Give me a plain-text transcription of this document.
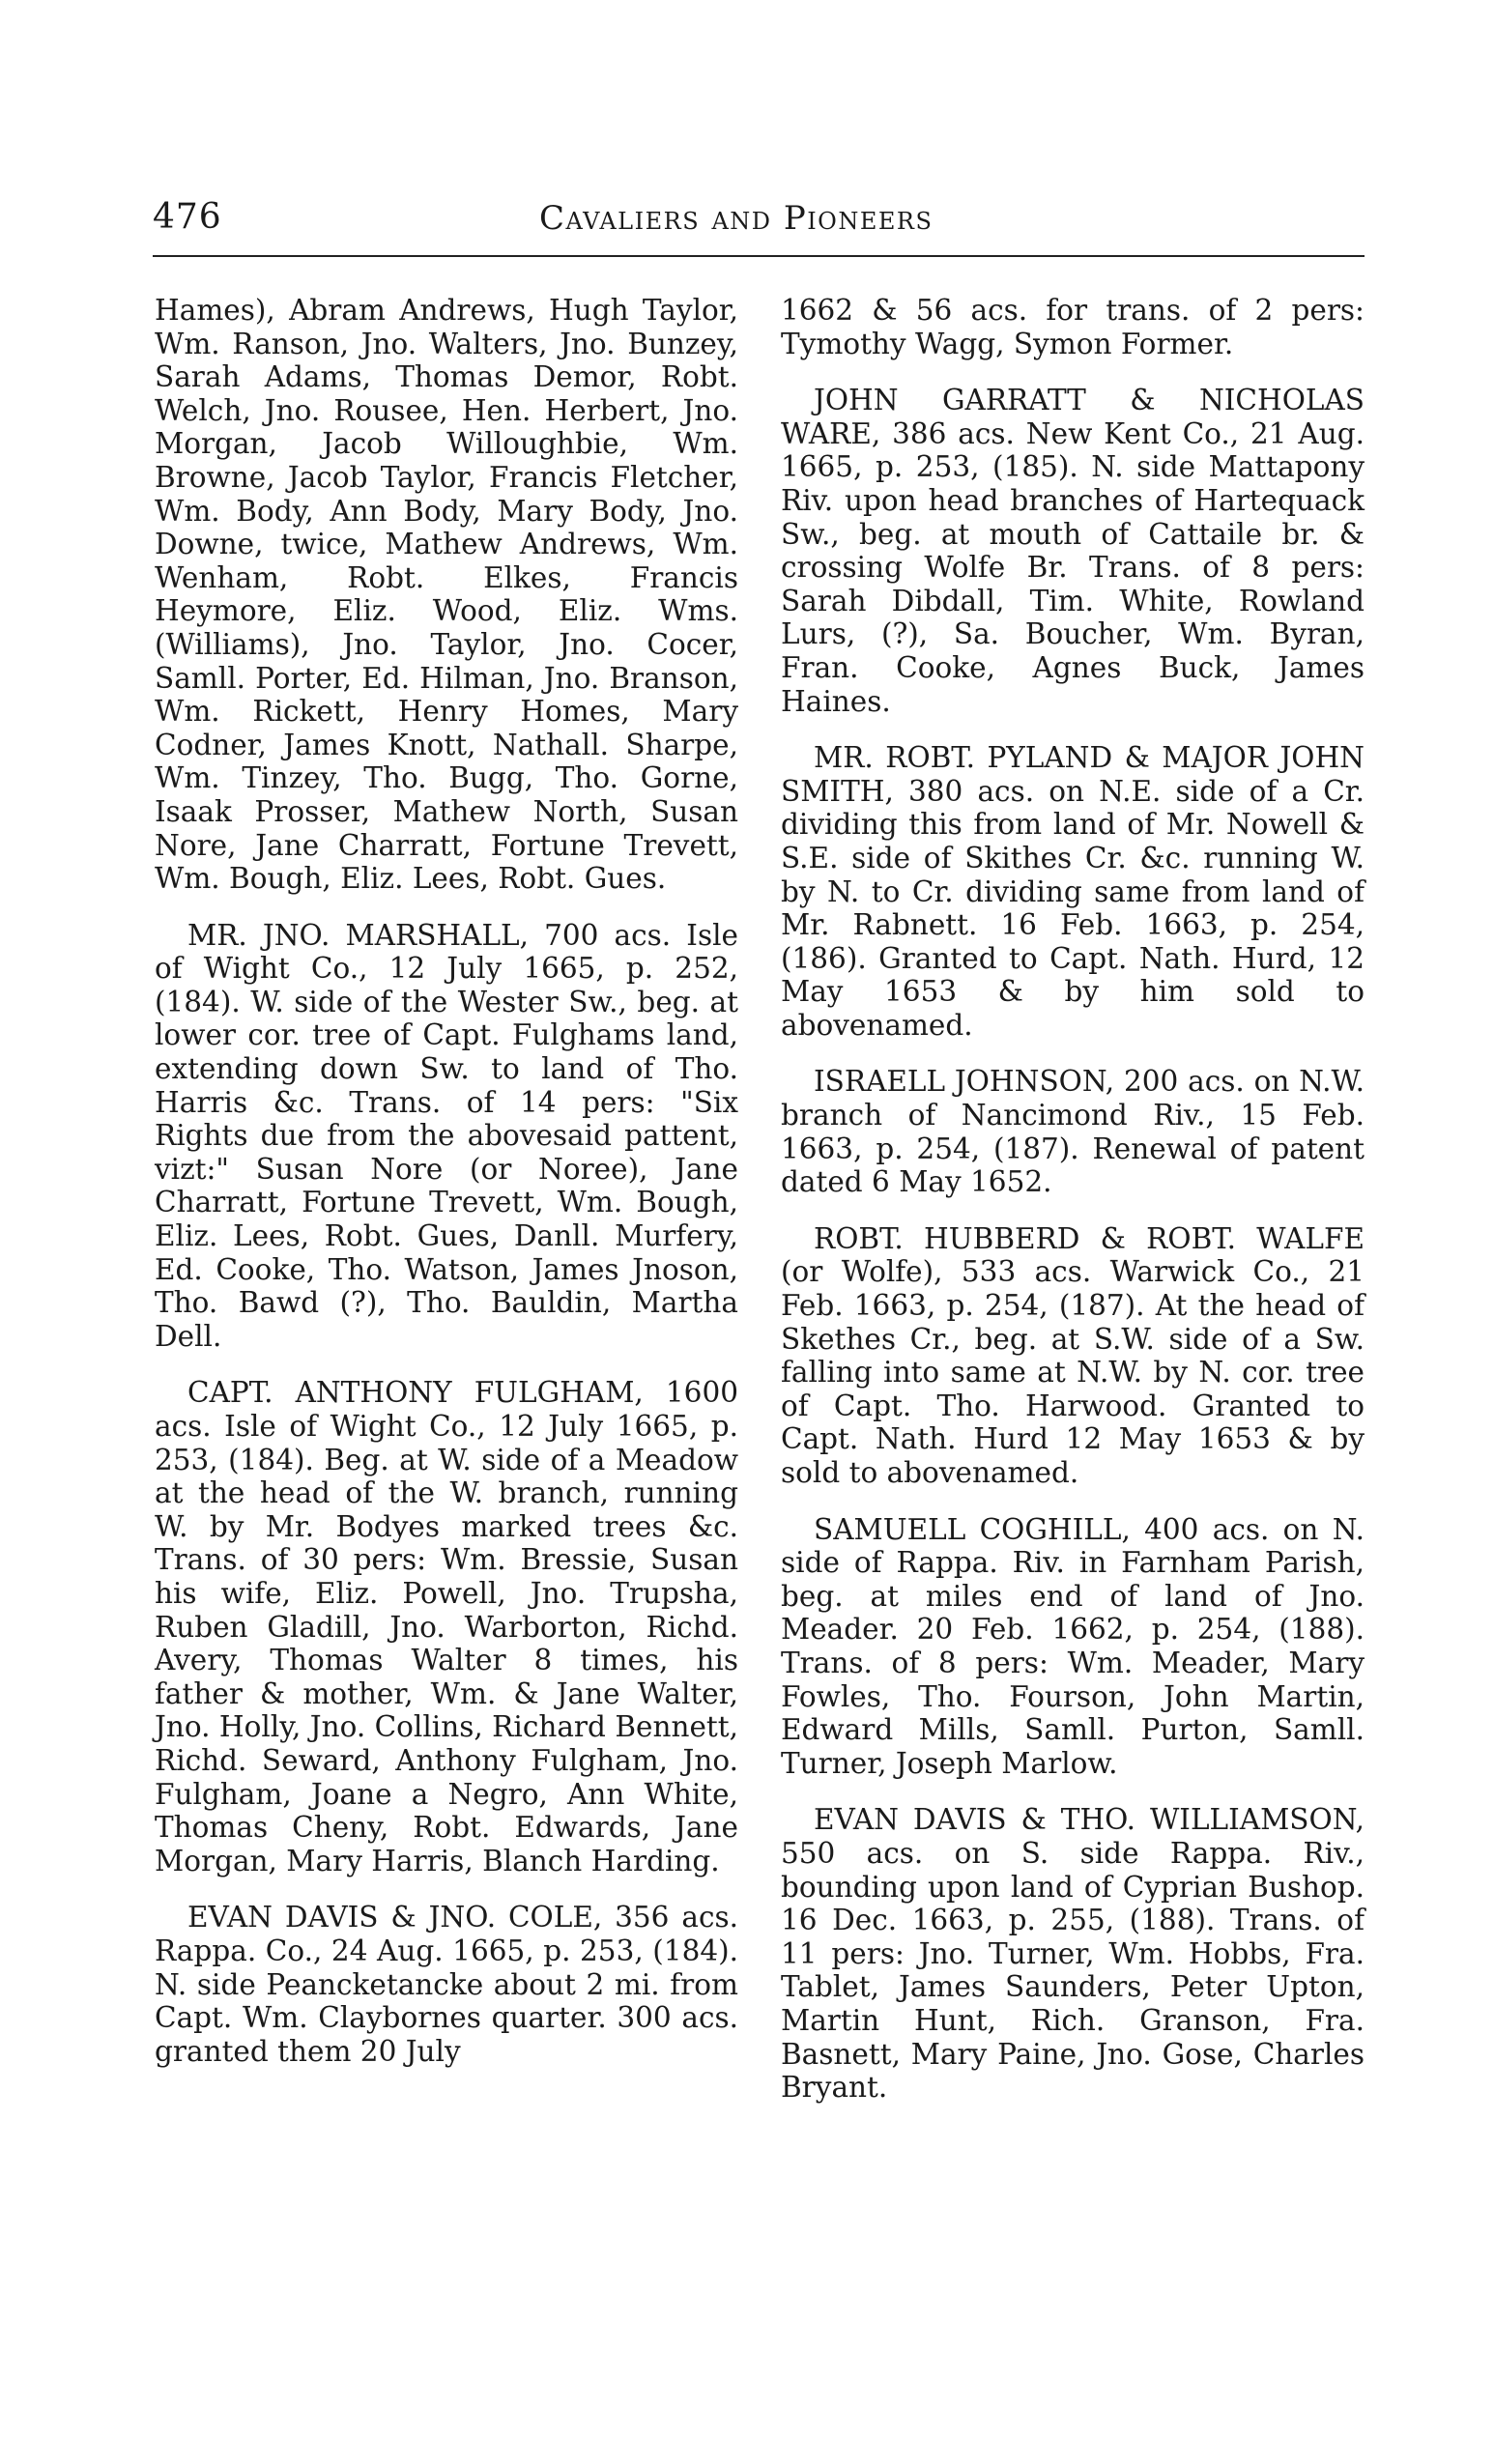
476	Cavaliers and Pioneers

Hames), Abram Andrews, Hugh Taylor, Wm. Ranson, Jno. Walters, Jno. Bunzey, Sarah Adams, Thomas Demor, Robt. Welch, Jno. Rousee, Hen. Herbert, Jno. Morgan, Jacob Willoughbie, Wm. Browne, Jacob Taylor, Francis Fletcher, Wm. Body, Ann Body, Mary Body, Jno. Downe, twice, Mathew Andrews, Wm. Wenham, Robt. Elkes, Francis Heymore, Eliz. Wood, Eliz. Wms. (Williams), Jno. Taylor, Jno. Cocer, Samll. Porter, Ed. Hilman, Jno. Branson, Wm. Rickett, Henry Homes, Mary Codner, James Knott, Nathall. Sharpe, Wm. Tinzey, Tho. Bugg, Tho. Gorne, Isaak Prosser, Mathew North, Susan Nore, Jane Charratt, Fortune Trevett, Wm. Bough, Eliz. Lees, Robt. Gues.

MR. JNO. MARSHALL, 700 acs. Isle of Wight Co., 12 July 1665, p. 252, (184). W. side of the Wester Sw., beg. at lower cor. tree of Capt. Fulghams land, extending down Sw. to land of Tho. Harris &c. Trans. of 14 pers: "Six Rights due from the abovesaid pattent, vizt:" Susan Nore (or Noree), Jane Charratt, Fortune Trevett, Wm. Bough, Eliz. Lees, Robt. Gues, Danll. Murfery, Ed. Cooke, Tho. Watson, James Jnoson, Tho. Bawd (?), Tho. Bauldin, Martha Dell.

CAPT. ANTHONY FULGHAM, 1600 acs. Isle of Wight Co., 12 July 1665, p. 253, (184). Beg. at W. side of a Meadow at the head of the W. branch, running W. by Mr. Bodyes marked trees &c. Trans. of 30 pers: Wm. Bressie, Susan his wife, Eliz. Powell, Jno. Trupsha, Ruben Gladill, Jno. Warborton, Richd. Avery, Thomas Walter 8 times, his father & mother, Wm. & Jane Walter, Jno. Holly, Jno. Collins, Richard Bennett, Richd. Seward, Anthony Fulgham, Jno. Fulgham, Joane a Negro, Ann White, Thomas Cheny, Robt. Edwards, Jane Morgan, Mary Harris, Blanch Harding.

EVAN DAVIS & JNO. COLE, 356 acs. Rappa. Co., 24 Aug. 1665, p. 253, (184). N. side Peancketancke about 2 mi. from Capt. Wm. Claybornes quarter. 300 acs. granted them 20 July

1662 & 56 acs. for trans. of 2 pers: Tymothy Wagg, Symon Former.

JOHN GARRATT & NICHOLAS WARE, 386 acs. New Kent Co., 21 Aug. 1665, p. 253, (185). N. side Mattapony Riv. upon head branches of Hartequack Sw., beg. at mouth of Cattaile br. & crossing Wolfe Br. Trans. of 8 pers: Sarah Dibdall, Tim. White, Rowland Lurs, (?), Sa. Boucher, Wm. Byran, Fran. Cooke, Agnes Buck, James Haines.

MR. ROBT. PYLAND & MAJOR JOHN SMITH, 380 acs. on N.E. side of a Cr. dividing this from land of Mr. Nowell & S.E. side of Skithes Cr. &c. running W. by N. to Cr. dividing same from land of Mr. Rabnett. 16 Feb. 1663, p. 254, (186). Granted to Capt. Nath. Hurd, 12 May 1653 & by him sold to abovenamed.

ISRAELL JOHNSON, 200 acs. on N.W. branch of Nancimond Riv., 15 Feb. 1663, p. 254, (187). Renewal of patent dated 6 May 1652.

ROBT. HUBBERD & ROBT. WALFE (or Wolfe), 533 acs. Warwick Co., 21 Feb. 1663, p. 254, (187). At the head of Skethes Cr., beg. at S.W. side of a Sw. falling into same at N.W. by N. cor. tree of Capt. Tho. Harwood. Granted to Capt. Nath. Hurd 12 May 1653 & by sold to abovenamed.

SAMUELL COGHILL, 400 acs. on N. side of Rappa. Riv. in Farnham Parish, beg. at miles end of land of Jno. Meader. 20 Feb. 1662, p. 254, (188). Trans. of 8 pers: Wm. Meader, Mary Fowles, Tho. Fourson, John Martin, Edward Mills, Samll. Purton, Samll. Turner, Joseph Marlow.

EVAN DAVIS & THO. WILLIAMSON, 550 acs. on S. side Rappa. Riv., bounding upon land of Cyprian Bushop. 16 Dec. 1663, p. 255, (188). Trans. of 11 pers: Jno. Turner, Wm. Hobbs, Fra. Tablet, James Saunders, Peter Upton, Martin Hunt, Rich. Granson, Fra. Basnett, Mary Paine, Jno. Gose, Charles Bryant.
